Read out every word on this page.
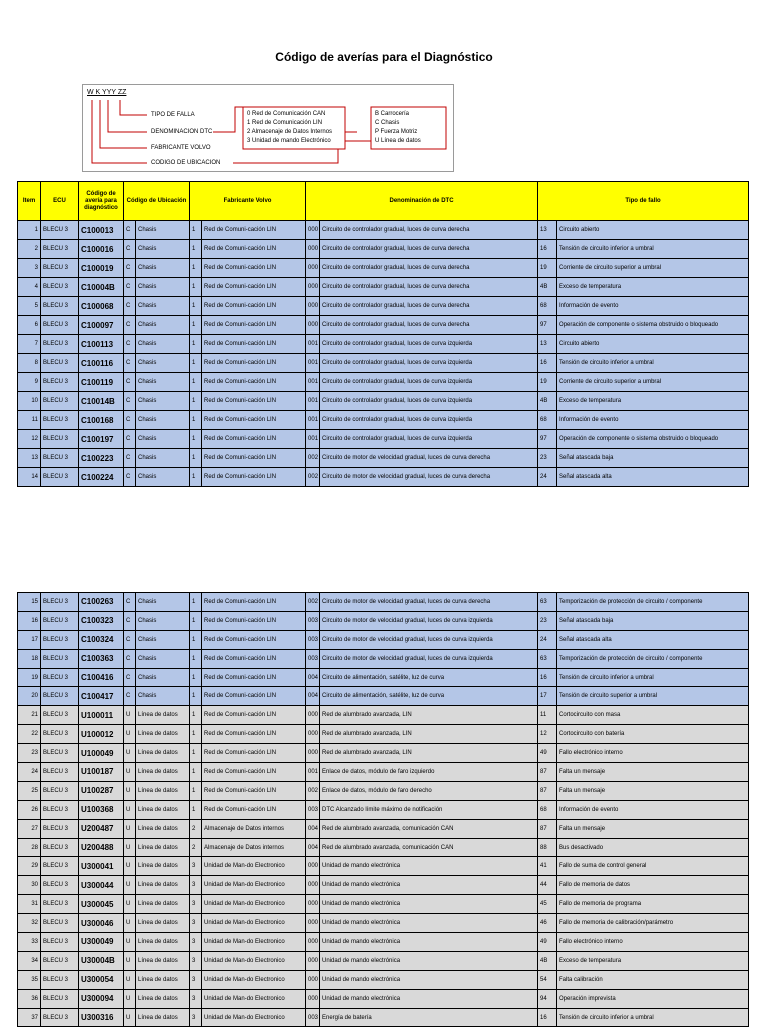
Código de averías para el Diagnóstico
W K YYY ZZ
TIPO DE FALLA
DENOMINACION DTC
FABRICANTE VOLVO
CODIGO DE UBICACION
0 Red de Comunicación CAN
1 Red de Comunicación LIN
2 Almacenaje de Datos Internos
3 Unidad de mando Electrónico
B Carrocería
C Chasis
P Fuerza Motriz
U Línea de datos
Item	ECU	Código de avería para diagnóstico	Código de Ubicación		Fabricante Volvo		Denominación de DTC		Tipo de fallo	
1	BLECU 3	C100013	C	Chasis	1	Red de Comuni-cación LIN	000	Circuito de controlador gradual, luces de curva derecha	13	Circuito abierto
2	BLECU 3	C100016	C	Chasis	1	Red de Comuni-cación LIN	000	Circuito de controlador gradual, luces de curva derecha	16	Tensión de circuito inferior a umbral
3	BLECU 3	C100019	C	Chasis	1	Red de Comuni-cación LIN	000	Circuito de controlador gradual, luces de curva derecha	19	Corriente de circuito superior a umbral
4	BLECU 3	C10004B	C	Chasis	1	Red de Comuni-cación LIN	000	Circuito de controlador gradual, luces de curva derecha	4B	Exceso de temperatura
5	BLECU 3	C100068	C	Chasis	1	Red de Comuni-cación LIN	000	Circuito de controlador gradual, luces de curva derecha	68	Información de evento
6	BLECU 3	C100097	C	Chasis	1	Red de Comuni-cación LIN	000	Circuito de controlador gradual, luces de curva derecha	97	Operación de componente o sistema obstruido o bloqueado
7	BLECU 3	C100113	C	Chasis	1	Red de Comuni-cación LIN	001	Circuito de controlador gradual, luces de curva izquierda	13	Circuito abierto
8	BLECU 3	C100116	C	Chasis	1	Red de Comuni-cación LIN	001	Circuito de controlador gradual, luces de curva izquierda	16	Tensión de circuito inferior a umbral
9	BLECU 3	C100119	C	Chasis	1	Red de Comuni-cación LIN	001	Circuito de controlador gradual, luces de curva izquierda	19	Corriente de circuito superior a umbral
10	BLECU 3	C10014B	C	Chasis	1	Red de Comuni-cación LIN	001	Circuito de controlador gradual, luces de curva izquierda	4B	Exceso de temperatura
11	BLECU 3	C100168	C	Chasis	1	Red de Comuni-cación LIN	001	Circuito de controlador gradual, luces de curva izquierda	68	Información de evento
12	BLECU 3	C100197	C	Chasis	1	Red de Comuni-cación LIN	001	Circuito de controlador gradual, luces de curva izquierda	97	Operación de componente o sistema obstruido o bloqueado
13	BLECU 3	C100223	C	Chasis	1	Red de Comuni-cación LIN	002	Circuito de motor de velocidad gradual, luces de curva derecha	23	Señal atascada baja
14	BLECU 3	C100224	C	Chasis	1	Red de Comuni-cación LIN	002	Circuito de motor de velocidad gradual, luces de curva derecha	24	Señal atascada alta
15	BLECU 3	C100263	C	Chasis	1	Red de Comuni-cación LIN	002	Circuito de motor de velocidad gradual, luces de curva derecha	63	Temporización de protección de circuito / componente
16	BLECU 3	C100323	C	Chasis	1	Red de Comuni-cación LIN	003	Circuito de motor de velocidad gradual, luces de curva izquierda	23	Señal atascada baja
17	BLECU 3	C100324	C	Chasis	1	Red de Comuni-cación LIN	003	Circuito de motor de velocidad gradual, luces de curva izquierda	24	Señal atascada alta
18	BLECU 3	C100363	C	Chasis	1	Red de Comuni-cación LIN	003	Circuito de motor de velocidad gradual, luces de curva izquierda	63	Temporización de protección de circuito / componente
19	BLECU 3	C100416	C	Chasis	1	Red de Comuni-cación LIN	004	Circuito de alimentación, satélite, luz de curva	16	Tensión de circuito inferior a umbral
20	BLECU 3	C100417	C	Chasis	1	Red de Comuni-cación LIN	004	Circuito de alimentación, satélite, luz de curva	17	Tensión de circuito superior a umbral
21	BLECU 3	U100011	U	Línea de datos	1	Red de Comuni-cación LIN	000	Red de alumbrado avanzada, LIN	11	Cortocircuito con masa
22	BLECU 3	U100012	U	Línea de datos	1	Red de Comuni-cación LIN	000	Red de alumbrado avanzada, LIN	12	Cortocircuito con batería
23	BLECU 3	U100049	U	Línea de datos	1	Red de Comuni-cación LIN	000	Red de alumbrado avanzada, LIN	49	Fallo electrónico interno
24	BLECU 3	U100187	U	Línea de datos	1	Red de Comuni-cación LIN	001	Enlace de datos, módulo de faro izquierdo	87	Falta un mensaje
25	BLECU 3	U100287	U	Línea de datos	1	Red de Comuni-cación LIN	002	Enlace de datos, módulo de faro derecho	87	Falta un mensaje
26	BLECU 3	U100368	U	Línea de datos	1	Red de Comuni-cación LIN	003	DTC Alcanzado límite máximo de notificación	68	Información de evento
27	BLECU 3	U200487	U	Línea de datos	2	Almacenaje de Datos internos	004	Red de alumbrado avanzada, comunicación CAN	87	Falta un mensaje
28	BLECU 3	U200488	U	Línea de datos	2	Almacenaje de Datos internos	004	Red de alumbrado avanzada, comunicación CAN	88	Bus desactivado
29	BLECU 3	U300041	U	Línea de datos	3	Unidad de Man-do Electronico	000	Unidad de mando electrónica	41	Fallo de suma de control general
30	BLECU 3	U300044	U	Línea de datos	3	Unidad de Man-do Electronico	000	Unidad de mando electrónica	44	Fallo de memoria de datos
31	BLECU 3	U300045	U	Línea de datos	3	Unidad de Man-do Electronico	000	Unidad de mando electrónica	45	Fallo de memoria de programa
32	BLECU 3	U300046	U	Línea de datos	3	Unidad de Man-do Electronico	000	Unidad de mando electrónica	46	Fallo de memoria de calibración/parámetro
33	BLECU 3	U300049	U	Línea de datos	3	Unidad de Man-do Electronico	000	Unidad de mando electrónica	49	Fallo electrónico interno
34	BLECU 3	U30004B	U	Línea de datos	3	Unidad de Man-do Electronico	000	Unidad de mando electrónica	4B	Exceso de temperatura
35	BLECU 3	U300054	U	Línea de datos	3	Unidad de Man-do Electronico	000	Unidad de mando electrónica	54	Falta calibración
36	BLECU 3	U300094	U	Línea de datos	3	Unidad de Man-do Electronico	000	Unidad de mando electrónica	94	Operación imprevista
37	BLECU 3	U300316	U	Línea de datos	3	Unidad de Man-do Electronico	003	Energía de batería	16	Tensión de circuito inferior a umbral
